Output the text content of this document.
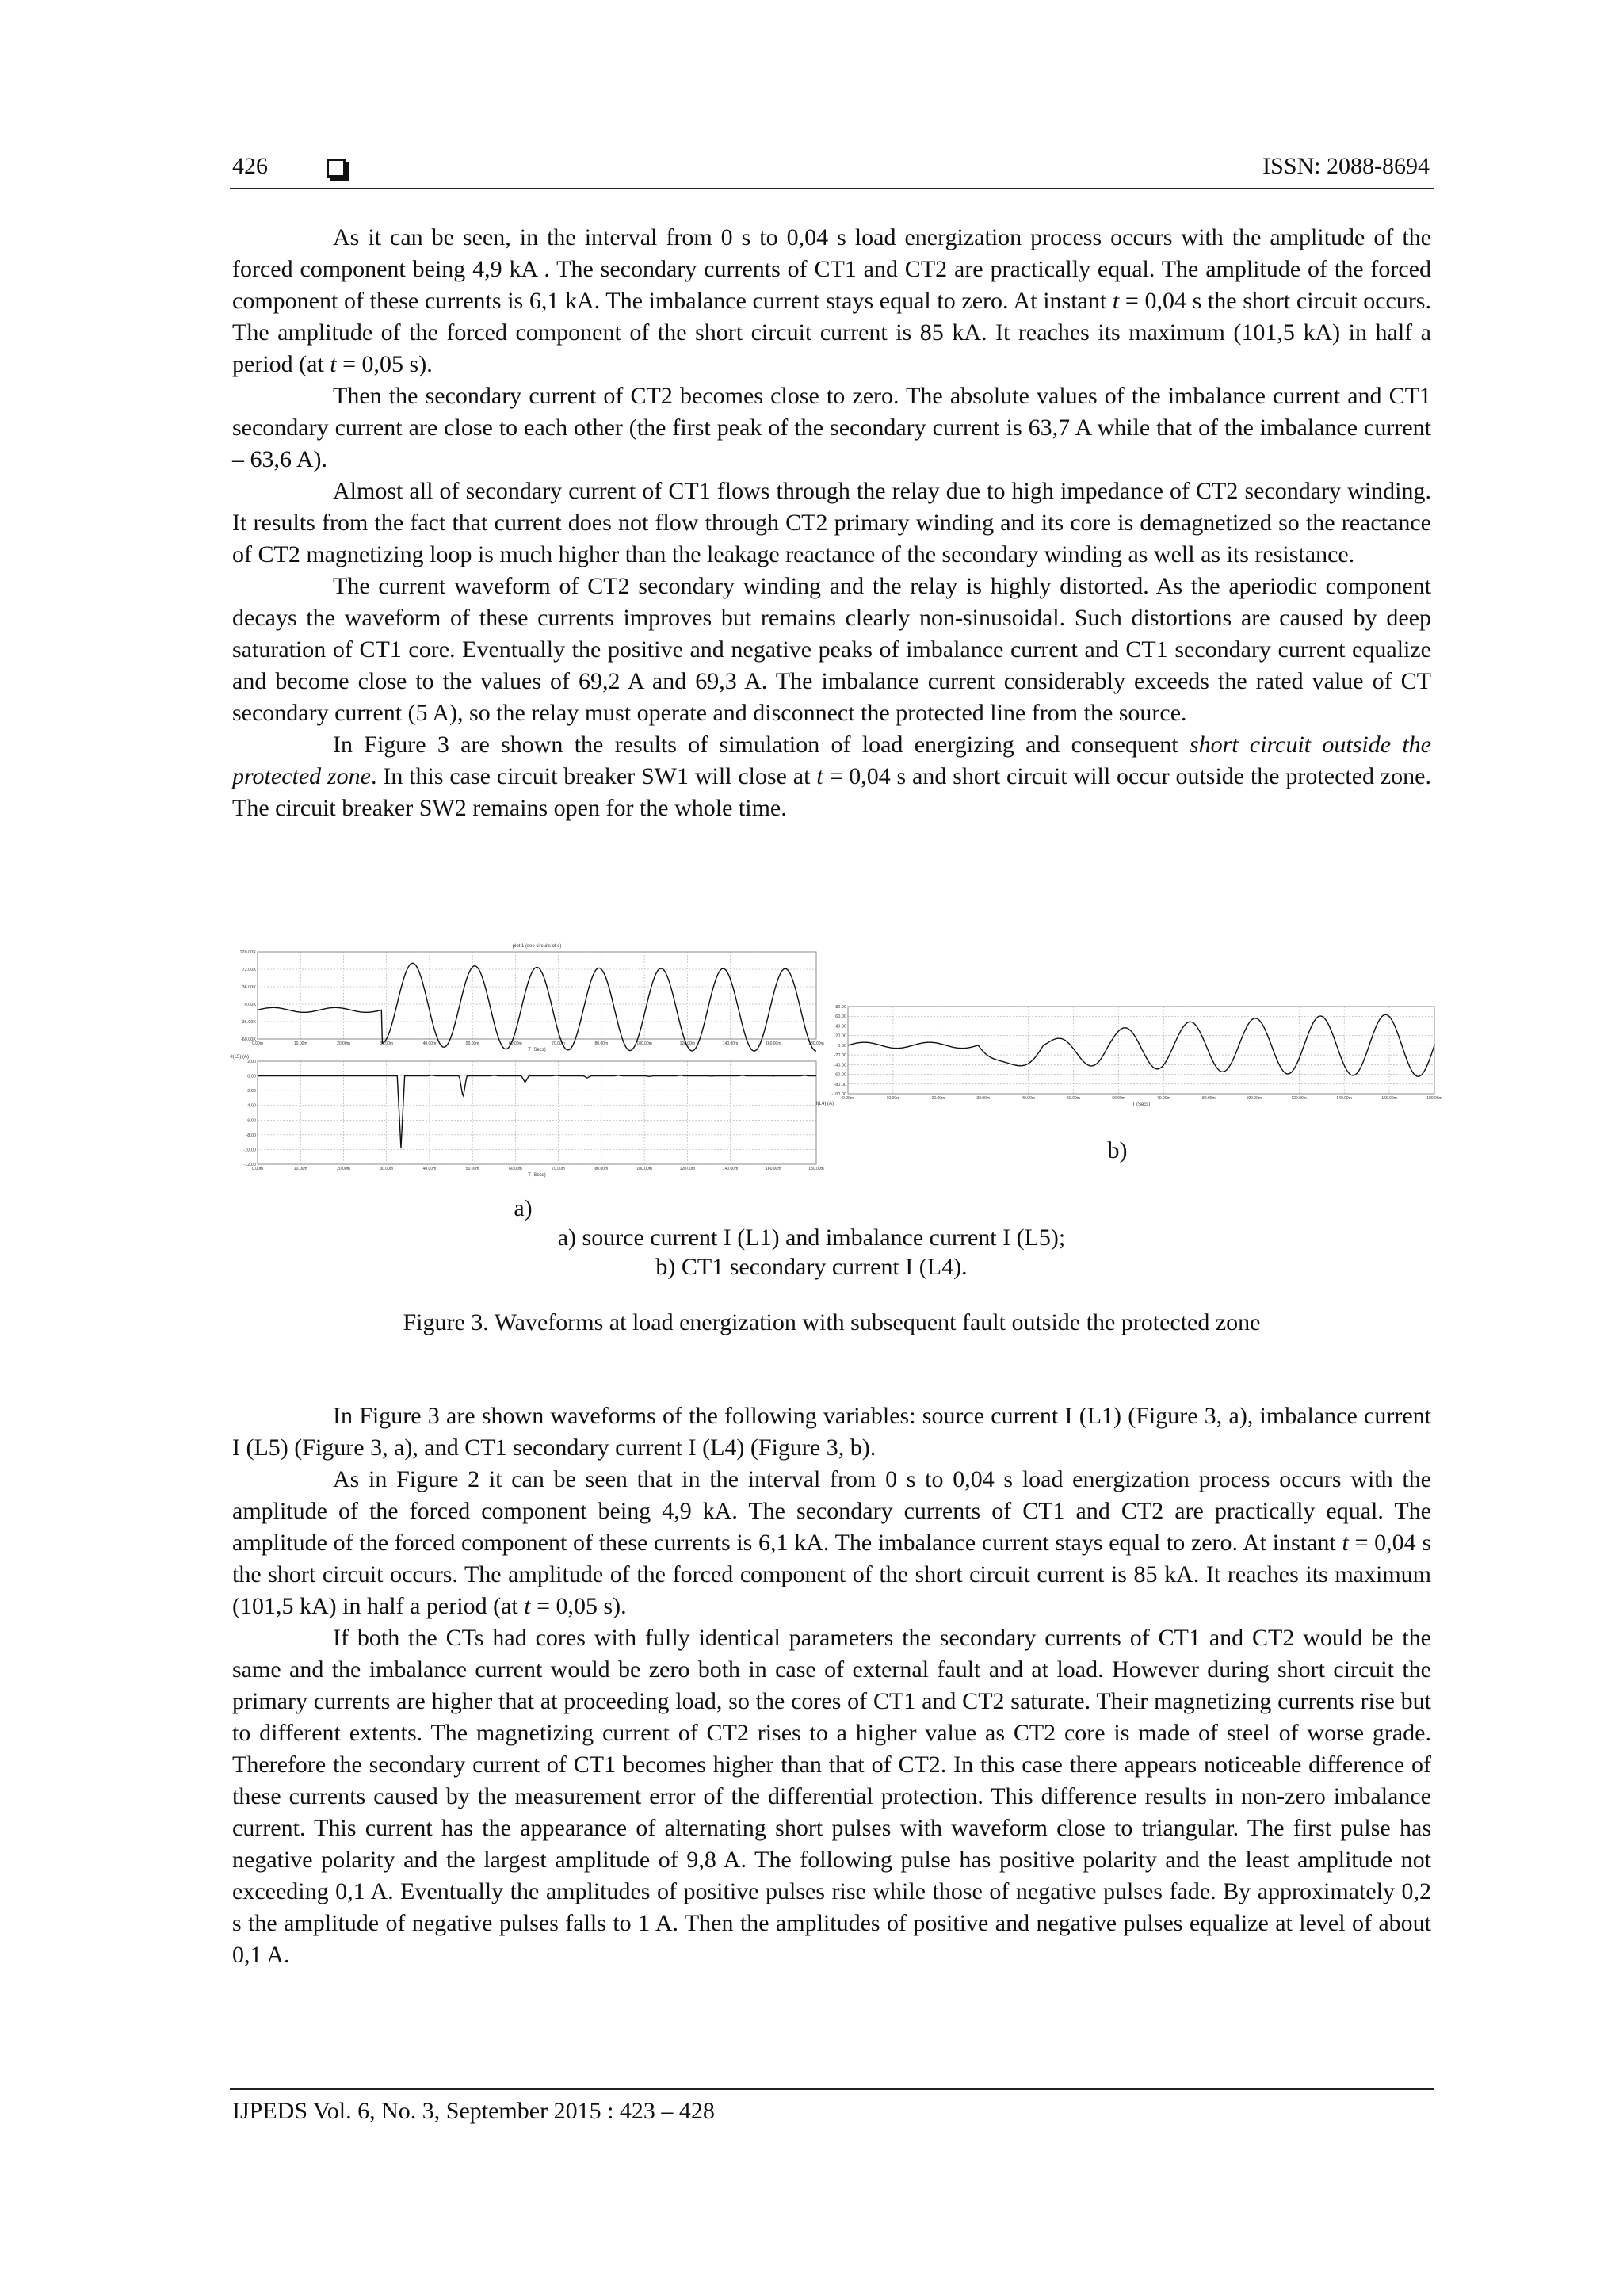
426	ISSN: 2088-8694

As it can be seen, in the interval from 0 s to 0,04 s load energization process occurs with the amplitude of the forced component being 4,9 kA . The secondary currents of CT1 and CT2 are practically equal. The amplitude of the forced component of these currents is 6,1 kA. The imbalance current stays equal to zero. At instant t = 0,04 s the short circuit occurs. The amplitude of the forced component of the short circuit current is 85 kA. It reaches its maximum (101,5 kA) in half a period (at t = 0,05 s).

Then the secondary current of CT2 becomes close to zero. The absolute values of the imbalance current and CT1 secondary current are close to each other (the first peak of the secondary current is 63,7 A while that of the imbalance current – 63,6 A).

Almost all of secondary current of CT1 flows through the relay due to high impedance of CT2 secondary winding. It results from the fact that current does not flow through CT2 primary winding and its core is demagnetized so the reactance of CT2 magnetizing loop is much higher than the leakage reactance of the secondary winding as well as its resistance.

The current waveform of CT2 secondary winding and the relay is highly distorted. As the aperiodic component decays the waveform of these currents improves but remains clearly non-sinusoidal. Such distortions are caused by deep saturation of CT1 core. Eventually the positive and negative peaks of imbalance current and CT1 secondary current equalize and become close to the values of 69,2 A and 69,3 A. The imbalance current considerably exceeds the rated value of CT secondary current (5 A), so the relay must operate and disconnect the protected line from the source.

In Figure 3 are shown the results of simulation of load energizing and consequent short circuit outside the protected zone. In this case circuit breaker SW1 will close at t = 0,04 s and short circuit will occur outside the protected zone. The circuit breaker SW2 remains open for the whole time.

plot 1 (see circuits of s)
120.00K
72.00K
36.00K
0.00K
-36.00K
-60.00K
0.00m	10.00m	20.00m	30.00m	40.00m	50.00m	60.00m	70.00m	80.00m	100.00m	120.00m	140.00m	160.00m	180.00m
T (Secs)
-I(L5) (A)
2.00
0.00
-2.00
-4.00
-6.00
-8.00
-10.00
-12.00
0.00m	10.00m	20.00m	30.00m	40.00m	50.00m	60.00m	70.00m	80.00m	100.00m	120.00m	140.00m	160.00m	180.00m
T (Secs)
80.00
60.00
40.00
20.00
0.00
-20.00
-40.00
-60.00
-80.00
-100.00
0.00m	10.00m	20.00m	30.00m	40.00m	50.00m	60.00m	70.00m	80.00m	100.00m	120.00m	140.00m	160.00m	180.00m
T (Secs)
I(L4) (A)
b)
a)
a) source current I (L1) and imbalance current I (L5);
b) CT1 secondary current I (L4).
Figure 3. Waveforms at load energization with subsequent fault outside the protected zone

In Figure 3 are shown waveforms of the following variables: source current I (L1) (Figure 3, a), imbalance current I (L5) (Figure 3, a), and CT1 secondary current I (L4) (Figure 3, b).

As in Figure 2 it can be seen that in the interval from 0 s to 0,04 s load energization process occurs with the amplitude of the forced component being 4,9 kA. The secondary currents of CT1 and CT2 are practically equal. The amplitude of the forced component of these currents is 6,1 kA. The imbalance current stays equal to zero. At instant t = 0,04 s the short circuit occurs. The amplitude of the forced component of the short circuit current is 85 kA. It reaches its maximum (101,5 kA) in half a period (at t = 0,05 s).

If both the CTs had cores with fully identical parameters the secondary currents of CT1 and CT2 would be the same and the imbalance current would be zero both in case of external fault and at load. However during short circuit the primary currents are higher that at proceeding load, so the cores of CT1 and CT2 saturate. Their magnetizing currents rise but to different extents. The magnetizing current of CT2 rises to a higher value as CT2 core is made of steel of worse grade. Therefore the secondary current of CT1 becomes higher than that of CT2. In this case there appears noticeable difference of these currents caused by the measurement error of the differential protection. This difference results in non-zero imbalance current. This current has the appearance of alternating short pulses with waveform close to triangular. The first pulse has negative polarity and the largest amplitude of 9,8 A. The following pulse has positive polarity and the least amplitude not exceeding 0,1 A. Eventually the amplitudes of positive pulses rise while those of negative pulses fade. By approximately 0,2 s the amplitude of negative pulses falls to 1 A. Then the amplitudes of positive and negative pulses equalize at level of about 0,1 A.

IJPEDS Vol. 6, No. 3, September 2015 : 423 – 428
